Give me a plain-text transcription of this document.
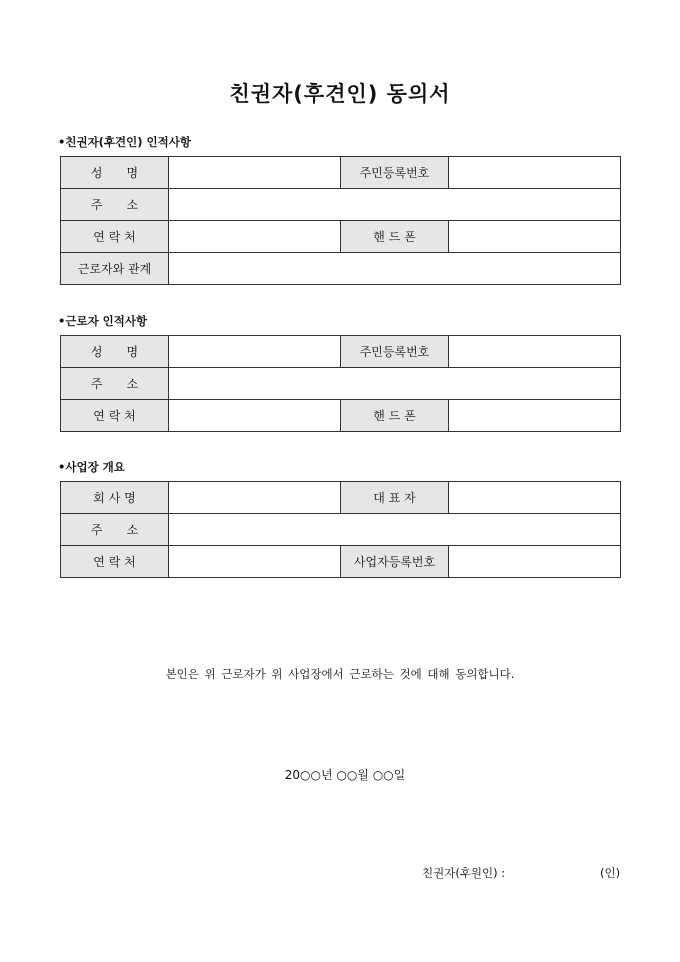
친권자(후견인) 동의서
•친권자(후견인) 인적사항
성　　명		주민등록번호	
주　　소			
연 락 처		핸 드 폰	
근로자와 관계			
•근로자 인적사항
성　　명		주민등록번호	
주　　소			
연 락 처		핸 드 폰	
•사업장 개요
회 사 명		대 표 자	
주　　소			
연 락 처		사업자등록번호	
본인은 위 근로자가 위 사업장에서 근로하는 것에 대해 동의합니다.
20○○년 ○○월 ○○일
친권자(후원인) :	(인)
